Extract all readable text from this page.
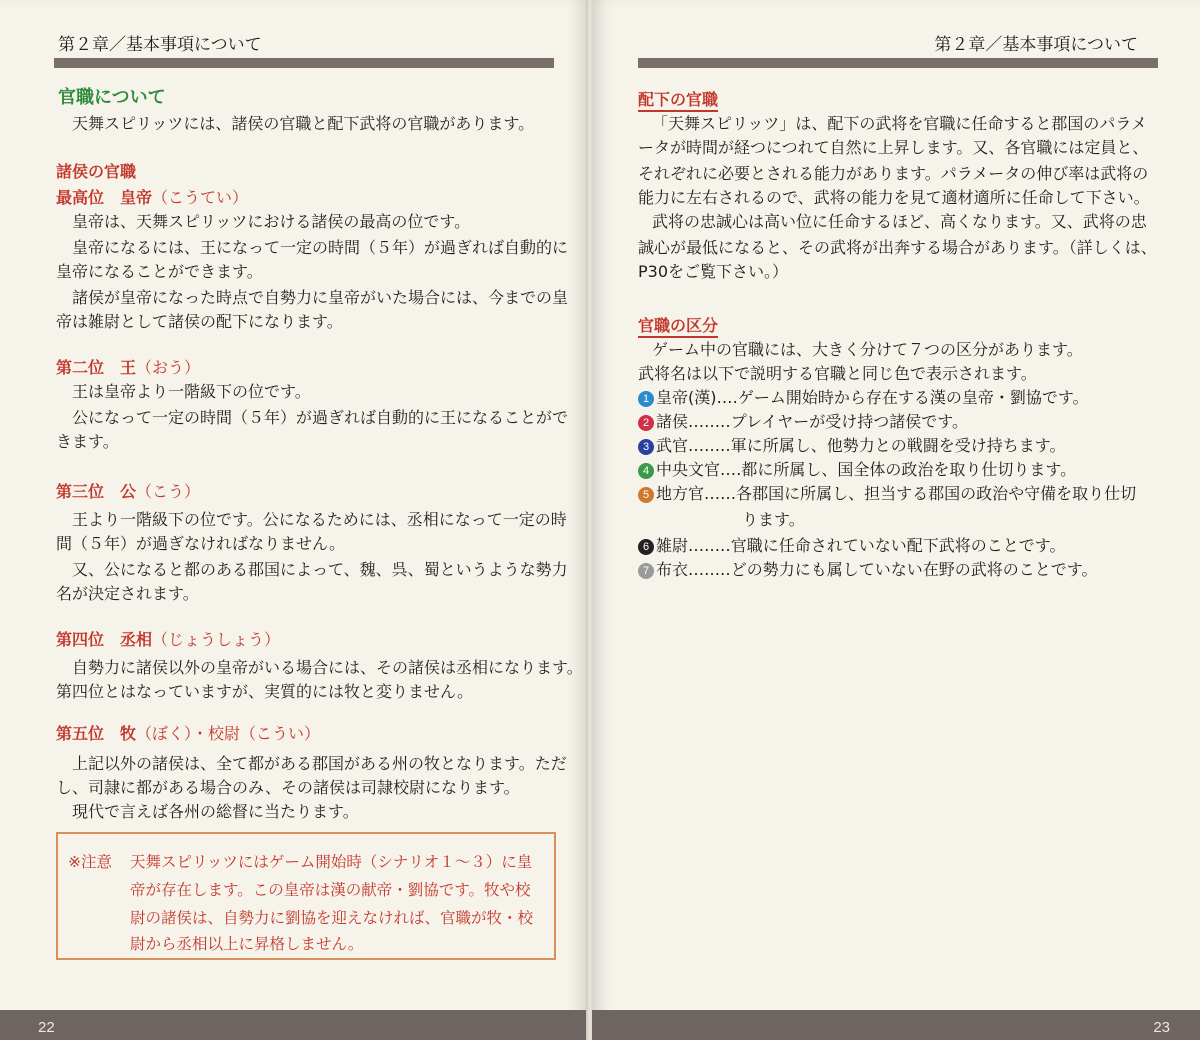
第２章／基本事項について
官職について
天舞スピリッツには、諸侯の官職と配下武将の官職があります。
諸侯の官職
最高位　皇帝（こうてい）
皇帝は、天舞スピリッツにおける諸侯の最高の位です。
皇帝になるには、王になって一定の時間（５年）が過ぎれば自動的に
皇帝になることができます。
諸侯が皇帝になった時点で自勢力に皇帝がいた場合には、今までの皇
帝は雑尉として諸侯の配下になります。
第二位　王（おう）
王は皇帝より一階級下の位です。
公になって一定の時間（５年）が過ぎれば自動的に王になることがで
きます。
第三位　公（こう）
王より一階級下の位です。公になるためには、丞相になって一定の時
間（５年）が過ぎなければなりません。
又、公になると都のある郡国によって、魏、呉、蜀というような勢力
名が決定されます。
第四位　丞相（じょうしょう）
自勢力に諸侯以外の皇帝がいる場合には、その諸侯は丞相になります。
第四位とはなっていますが、実質的には牧と変りません。
第五位　牧（ぼく）・校尉（こうい）
上記以外の諸侯は、全て都がある郡国がある州の牧となります。ただ
し、司隷に都がある場合のみ、その諸侯は司隷校尉になります。
現代で言えば各州の総督に当たります。
※注意 天舞スピリッツにはゲーム開始時（シナリオ１～３）に皇
帝が存在します。この皇帝は漢の献帝・劉協です。牧や校
尉の諸侯は、自勢力に劉協を迎えなければ、官職が牧・校
尉から丞相以上に昇格しません。
22
第２章／基本事項について
配下の官職
「天舞スピリッツ」は、配下の武将を官職に任命すると郡国のパラメ
ータが時間が経つにつれて自然に上昇します。又、各官職には定員と、
それぞれに必要とされる能力があります。パラメータの伸び率は武将の
能力に左右されるので、武将の能力を見て適材適所に任命して下さい。
武将の忠誠心は高い位に任命するほど、高くなります。又、武将の忠
誠心が最低になると、その武将が出奔する場合があります。（詳しくは、
P30をご覧下さい。）
官職の区分
ゲーム中の官職には、大きく分けて７つの区分があります。
武将名は以下で説明する官職と同じ色で表示されます。
1 皇帝(漢)‥‥ゲーム開始時から存在する漢の皇帝・劉協です。
2 諸侯‥‥‥‥プレイヤーが受け持つ諸侯です。
3 武官‥‥‥‥軍に所属し、他勢力との戦闘を受け持ちます。
4 中央文官‥‥都に所属し、国全体の政治を取り仕切ります。
5 地方官‥‥‥各郡国に所属し、担当する郡国の政治や守備を取り仕切
ります。
6 雑尉‥‥‥‥官職に任命されていない配下武将のことです。
7 布衣‥‥‥‥どの勢力にも属していない在野の武将のことです。
23
